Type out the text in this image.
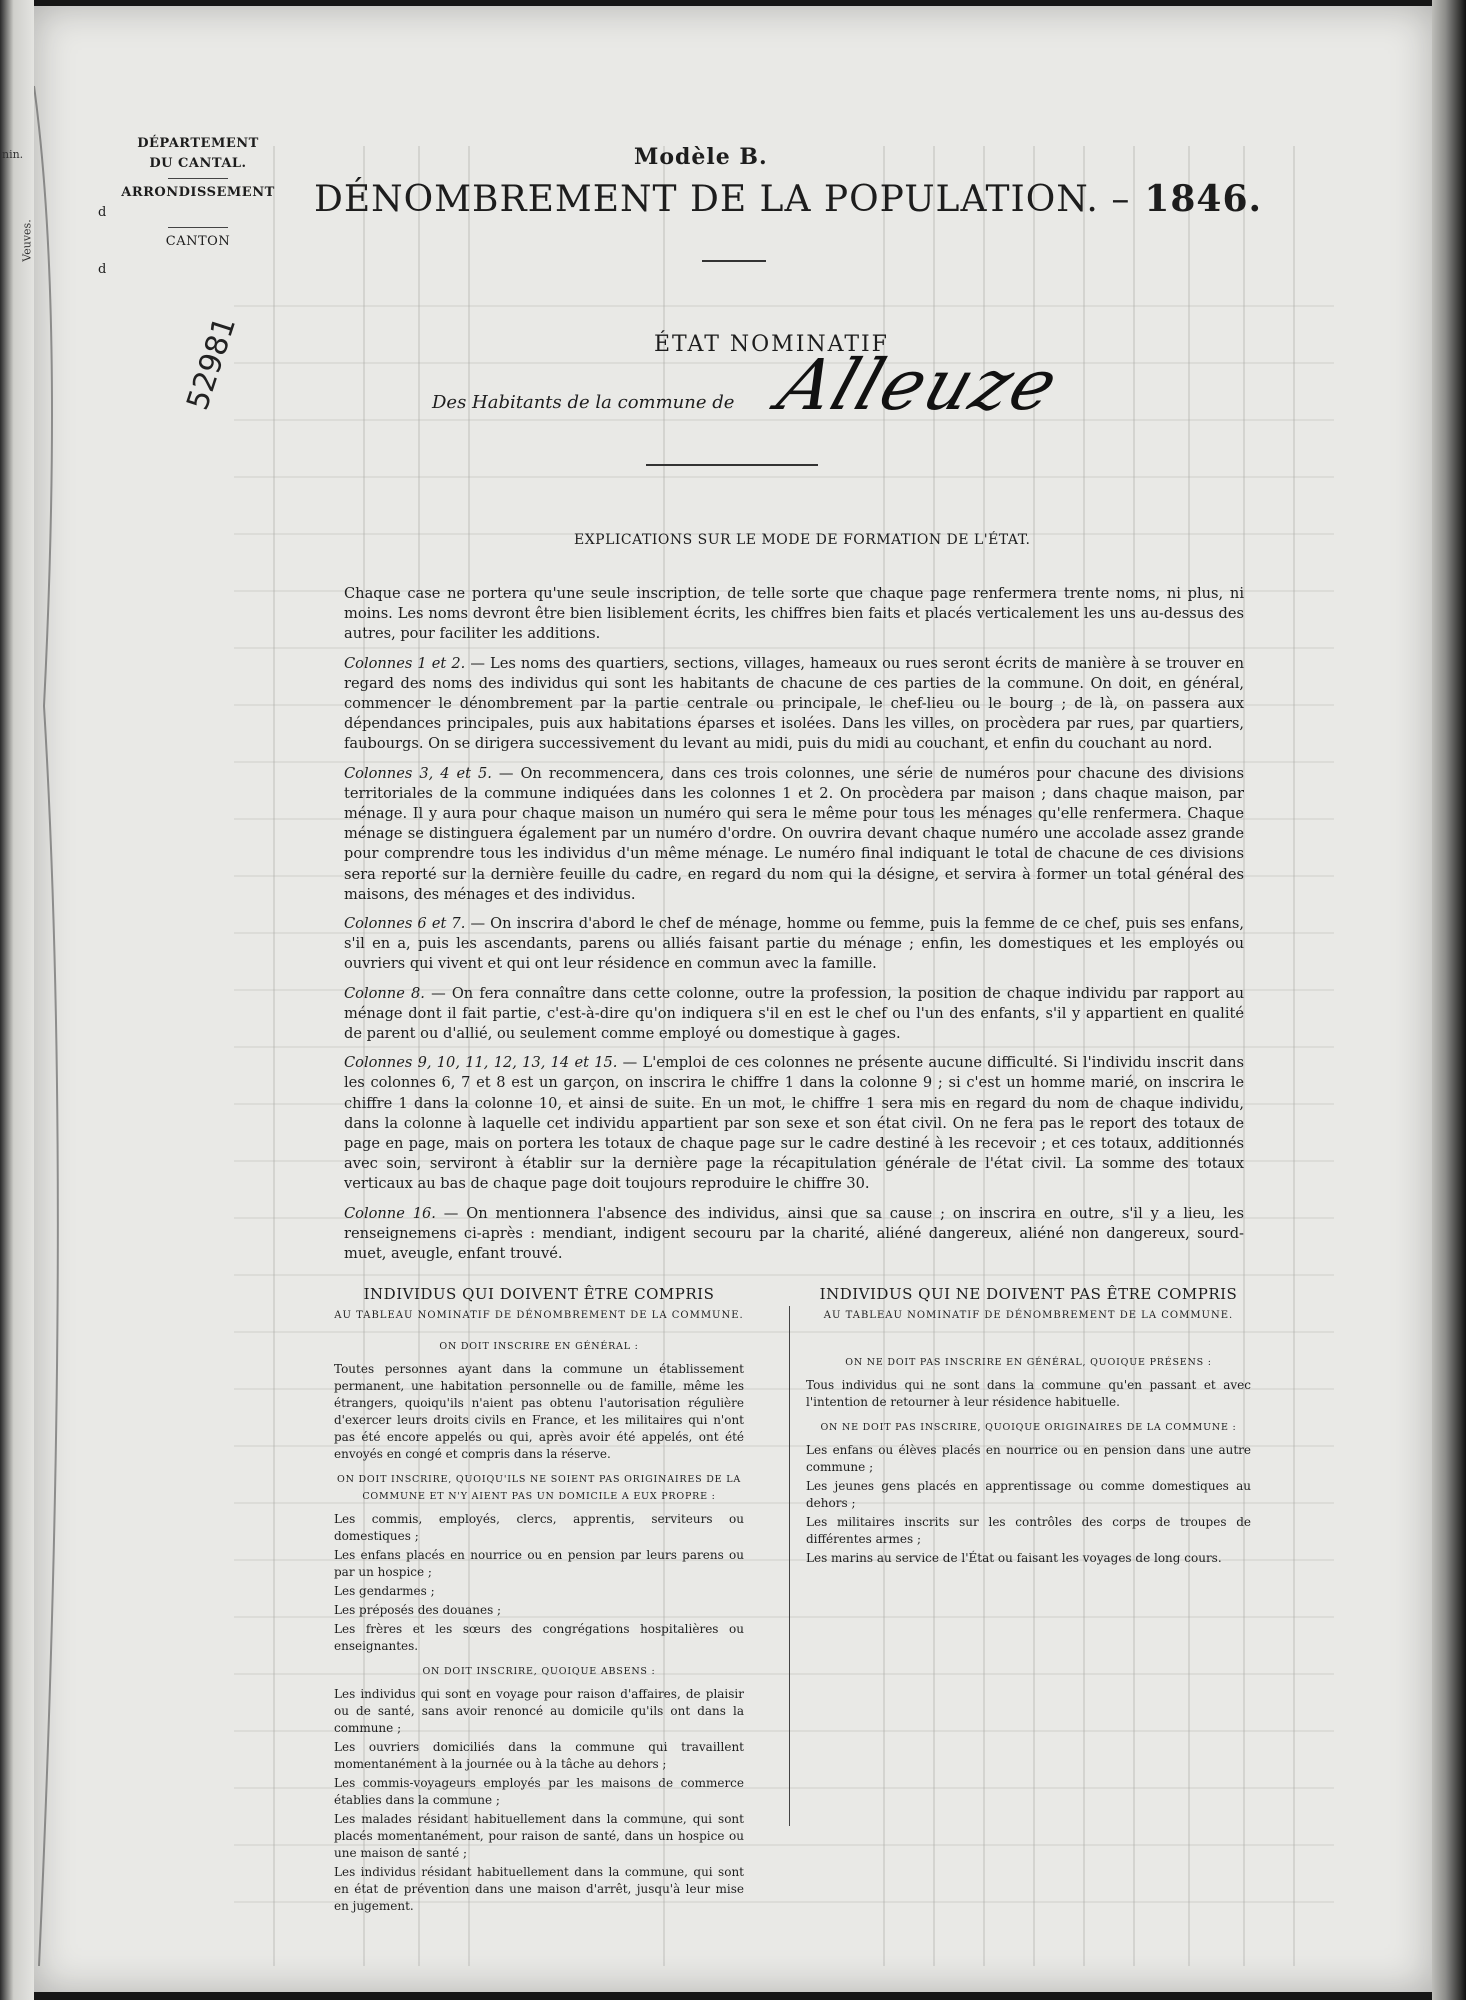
nin.
Veuves.
DÉPARTEMENT
DU CANTAL.
ARRONDISSEMENT
d
CANTON
d
52981
Modèle B.
DÉNOMBREMENT DE LA POPULATION. – 1846.
ÉTAT NOMINATIF
Des Habitants de la commune de Alleuze
EXPLICATIONS SUR LE MODE DE FORMATION DE L'ÉTAT.

Chaque case ne portera qu'une seule inscription, de telle sorte que chaque page renfermera trente noms, ni plus, ni moins. Les noms devront être bien lisiblement écrits, les chiffres bien faits et placés verticalement les uns au-dessus des autres, pour faciliter les additions.

Colonnes 1 et 2. — Les noms des quartiers, sections, villages, hameaux ou rues seront écrits de manière à se trouver en regard des noms des individus qui sont les habitants de chacune de ces parties de la commune. On doit, en général, commencer le dénombrement par la partie centrale ou principale, le chef-lieu ou le bourg ; de là, on passera aux dépendances principales, puis aux habitations éparses et isolées. Dans les villes, on procèdera par rues, par quartiers, faubourgs. On se dirigera successivement du levant au midi, puis du midi au couchant, et enfin du couchant au nord.

Colonnes 3, 4 et 5. — On recommencera, dans ces trois colonnes, une série de numéros pour chacune des divisions territoriales de la commune indiquées dans les colonnes 1 et 2. On procèdera par maison ; dans chaque maison, par ménage. Il y aura pour chaque maison un numéro qui sera le même pour tous les ménages qu'elle renfermera. Chaque ménage se distinguera également par un numéro d'ordre. On ouvrira devant chaque numéro une accolade assez grande pour comprendre tous les individus d'un même ménage. Le numéro final indiquant le total de chacune de ces divisions sera reporté sur la dernière feuille du cadre, en regard du nom qui la désigne, et servira à former un total général des maisons, des ménages et des individus.

Colonnes 6 et 7. — On inscrira d'abord le chef de ménage, homme ou femme, puis la femme de ce chef, puis ses enfans, s'il en a, puis les ascendants, parens ou alliés faisant partie du ménage ; enfin, les domestiques et les employés ou ouvriers qui vivent et qui ont leur résidence en commun avec la famille.

Colonne 8. — On fera connaître dans cette colonne, outre la profession, la position de chaque individu par rapport au ménage dont il fait partie, c'est-à-dire qu'on indiquera s'il en est le chef ou l'un des enfants, s'il y appartient en qualité de parent ou d'allié, ou seulement comme employé ou domestique à gages.

Colonnes 9, 10, 11, 12, 13, 14 et 15. — L'emploi de ces colonnes ne présente aucune difficulté. Si l'individu inscrit dans les colonnes 6, 7 et 8 est un garçon, on inscrira le chiffre 1 dans la colonne 9 ; si c'est un homme marié, on inscrira le chiffre 1 dans la colonne 10, et ainsi de suite. En un mot, le chiffre 1 sera mis en regard du nom de chaque individu, dans la colonne à laquelle cet individu appartient par son sexe et son état civil. On ne fera pas le report des totaux de page en page, mais on portera les totaux de chaque page sur le cadre destiné à les recevoir ; et ces totaux, additionnés avec soin, serviront à établir sur la dernière page la récapitulation générale de l'état civil. La somme des totaux verticaux au bas de chaque page doit toujours reproduire le chiffre 30.

Colonne 16. — On mentionnera l'absence des individus, ainsi que sa cause ; on inscrira en outre, s'il y a lieu, les renseignemens ci-après : mendiant, indigent secouru par la charité, aliéné dangereux, aliéné non dangereux, sourd-muet, aveugle, enfant trouvé.

INDIVIDUS QUI DOIVENT ÊTRE COMPRIS
AU TABLEAU NOMINATIF DE DÉNOMBREMENT DE LA COMMUNE.
ON DOIT INSCRIRE EN GÉNÉRAL :

Toutes personnes ayant dans la commune un établissement permanent, une habitation personnelle ou de famille, même les étrangers, quoiqu'ils n'aient pas obtenu l'autorisation régulière d'exercer leurs droits civils en France, et les militaires qui n'ont pas été encore appelés ou qui, après avoir été appelés, ont été envoyés en congé et compris dans la réserve.

ON DOIT INSCRIRE, QUOIQU'ILS NE SOIENT PAS ORIGINAIRES DE LA COMMUNE ET N'Y AIENT PAS UN DOMICILE A EUX PROPRE :

Les commis, employés, clercs, apprentis, serviteurs ou domestiques ;

Les enfans placés en nourrice ou en pension par leurs parens ou par un hospice ;

Les gendarmes ;

Les préposés des douanes ;

Les frères et les sœurs des congrégations hospitalières ou enseignantes.

ON DOIT INSCRIRE, QUOIQUE ABSENS :

Les individus qui sont en voyage pour raison d'affaires, de plaisir ou de santé, sans avoir renoncé au domicile qu'ils ont dans la commune ;

Les ouvriers domiciliés dans la commune qui travaillent momentanément à la journée ou à la tâche au dehors ;

Les commis-voyageurs employés par les maisons de commerce établies dans la commune ;

Les malades résidant habituellement dans la commune, qui sont placés momentanément, pour raison de santé, dans un hospice ou une maison de santé ;

Les individus résidant habituellement dans la commune, qui sont en état de prévention dans une maison d'arrêt, jusqu'à leur mise en jugement.

INDIVIDUS QUI NE DOIVENT PAS ÊTRE COMPRIS
AU TABLEAU NOMINATIF DE DÉNOMBREMENT DE LA COMMUNE.
ON NE DOIT PAS INSCRIRE EN GÉNÉRAL, QUOIQUE PRÉSENS :

Tous individus qui ne sont dans la commune qu'en passant et avec l'intention de retourner à leur résidence habituelle.

ON NE DOIT PAS INSCRIRE, QUOIQUE ORIGINAIRES DE LA COMMUNE :

Les enfans ou élèves placés en nourrice ou en pension dans une autre commune ;

Les jeunes gens placés en apprentissage ou comme domestiques au dehors ;

Les militaires inscrits sur les contrôles des corps de troupes de différentes armes ;

Les marins au service de l'État ou faisant les voyages de long cours.
